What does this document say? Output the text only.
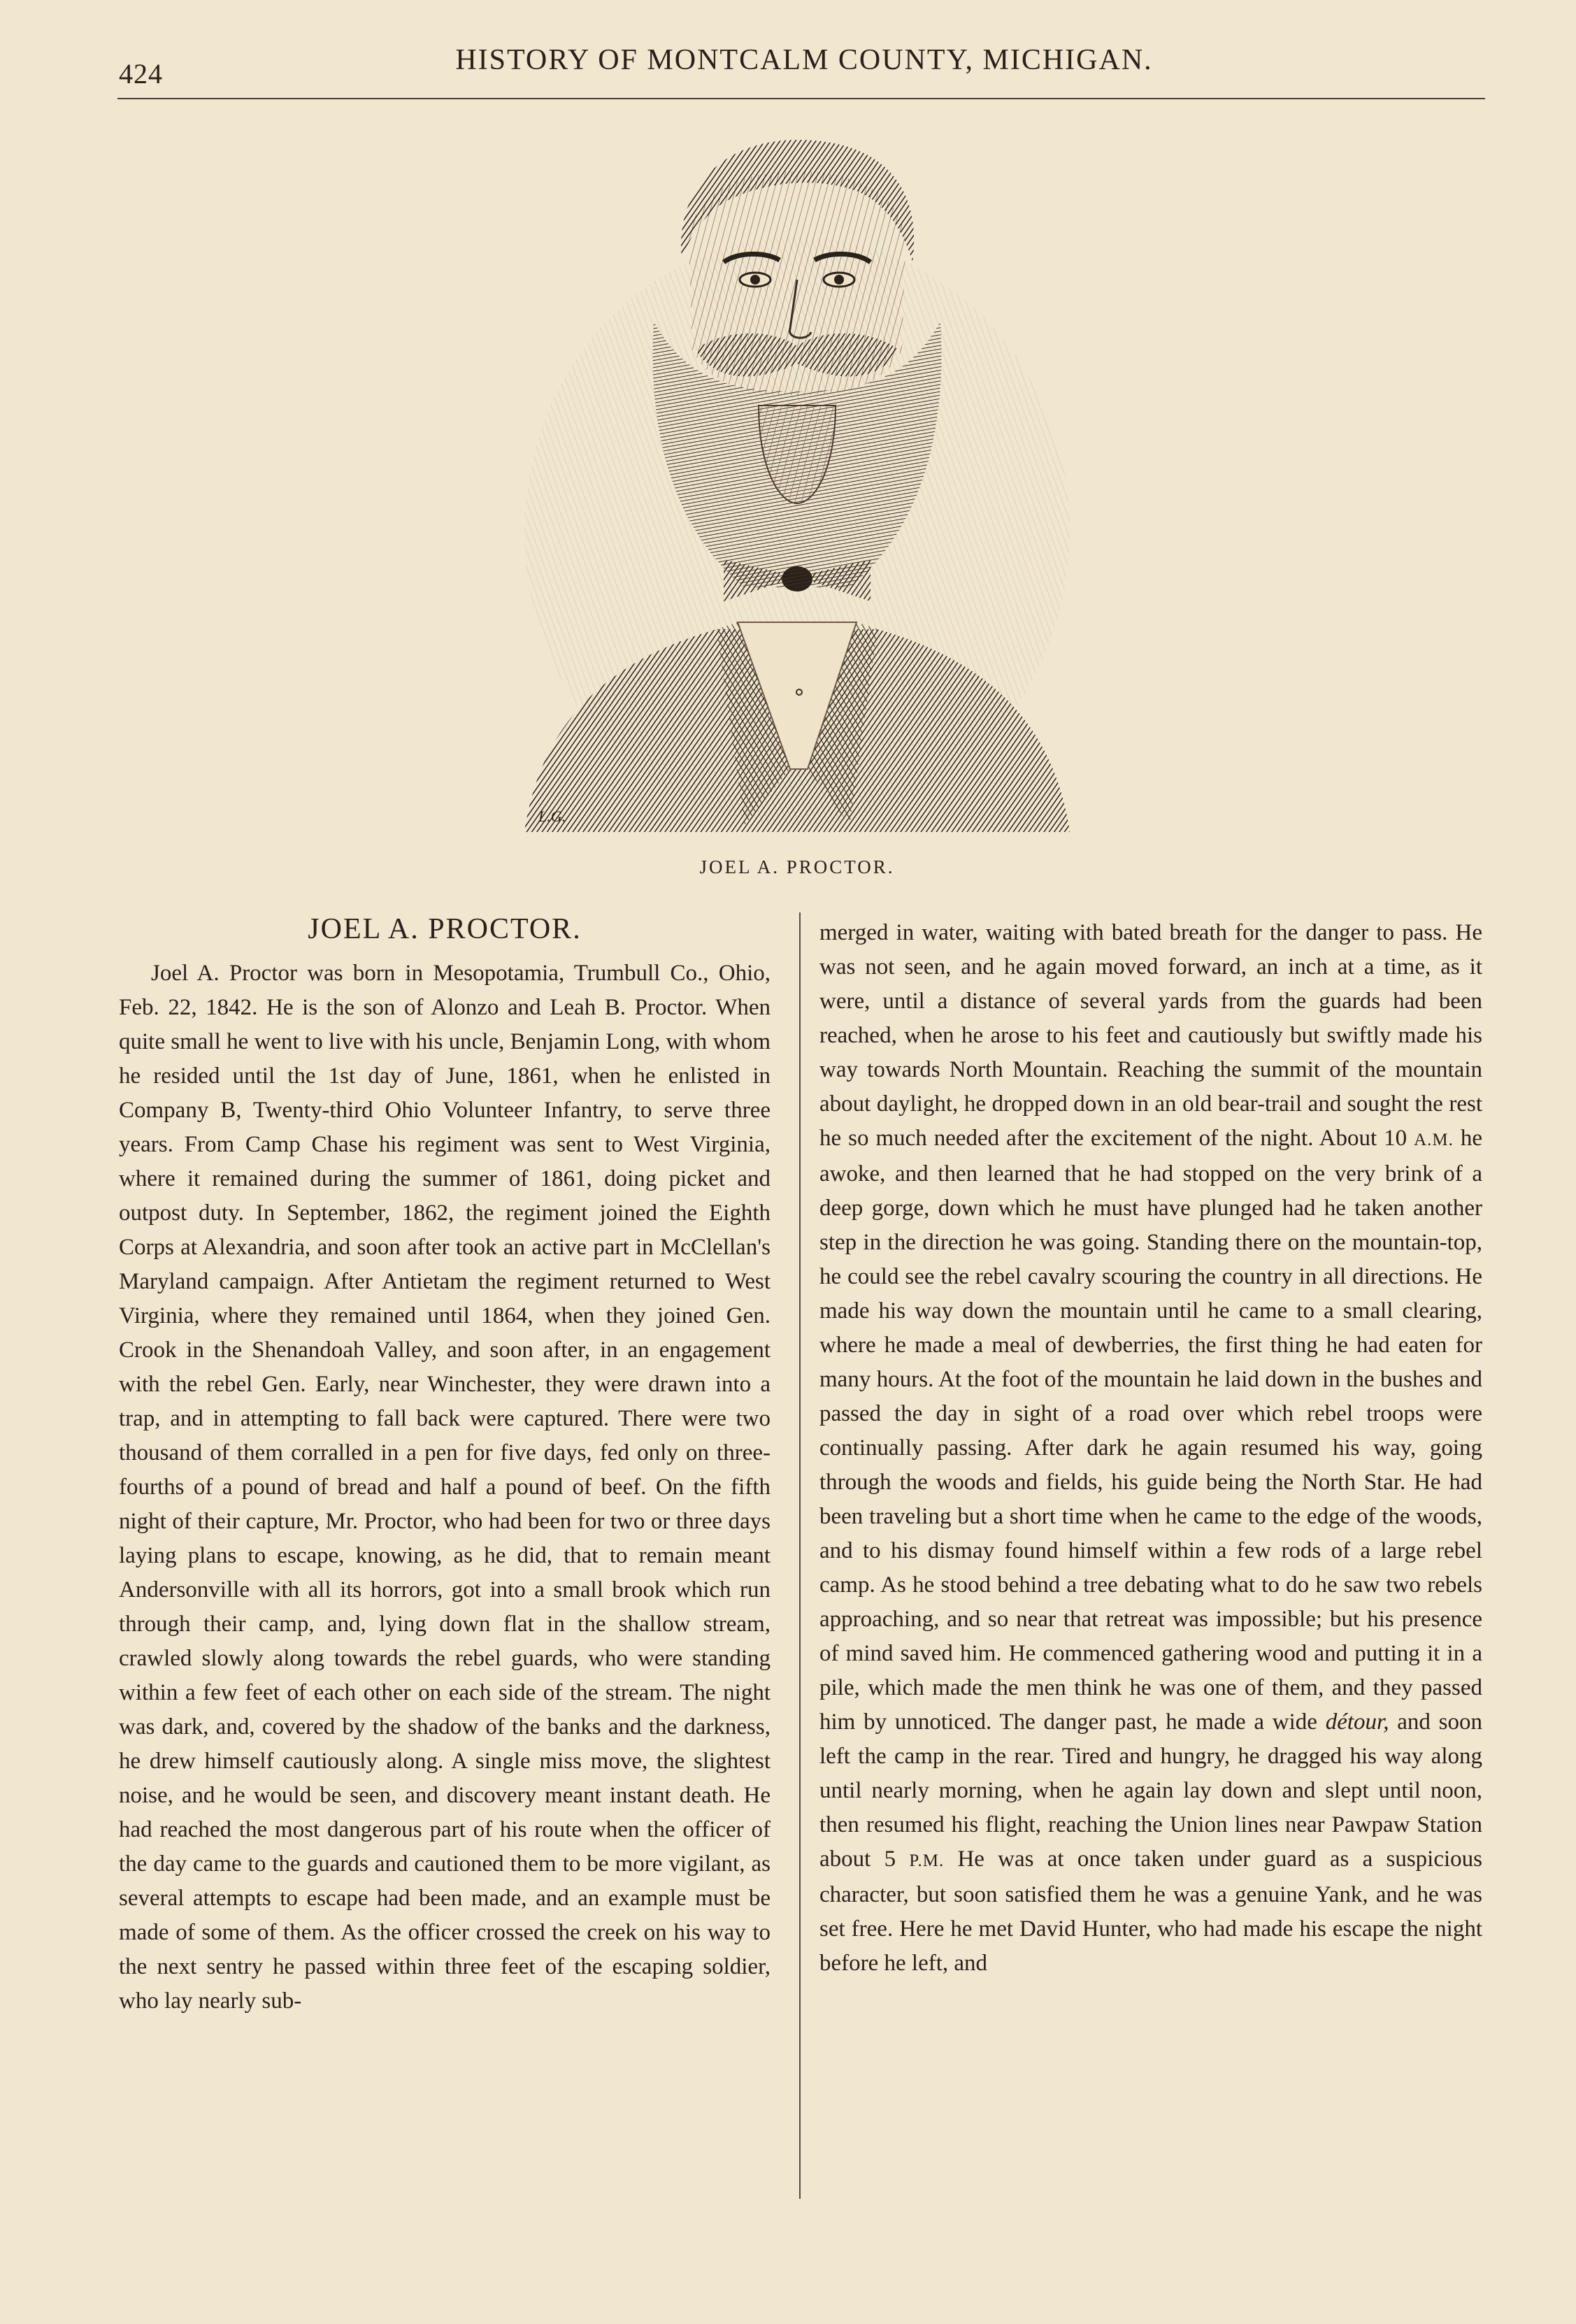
424	HISTORY OF MONTCALM COUNTY, MICHIGAN.
L.G.
JOEL A. PROCTOR.
JOEL A. PROCTOR.

Joel A. Proctor was born in Mesopotamia, Trumbull Co., Ohio, Feb. 22, 1842. He is the son of Alonzo and Leah B. Proctor. When quite small he went to live with his uncle, Benjamin Long, with whom he resided until the 1st day of June, 1861, when he enlisted in Company B, Twenty-third Ohio Volunteer Infantry, to serve three years. From Camp Chase his regiment was sent to West Virginia, where it remained during the summer of 1861, doing picket and outpost duty. In September, 1862, the regiment joined the Eighth Corps at Alexandria, and soon after took an active part in McClellan's Maryland campaign. After Antietam the regiment returned to West Virginia, where they remained until 1864, when they joined Gen. Crook in the Shenandoah Valley, and soon after, in an engagement with the rebel Gen. Early, near Winchester, they were drawn into a trap, and in attempting to fall back were captured. There were two thousand of them corralled in a pen for five days, fed only on three-fourths of a pound of bread and half a pound of beef. On the fifth night of their capture, Mr. Proctor, who had been for two or three days laying plans to escape, knowing, as he did, that to remain meant Andersonville with all its horrors, got into a small brook which run through their camp, and, lying down flat in the shallow stream, crawled slowly along towards the rebel guards, who were standing within a few feet of each other on each side of the stream. The night was dark, and, covered by the shadow of the banks and the darkness, he drew himself cautiously along. A single miss move, the slightest noise, and he would be seen, and discovery meant instant death. He had reached the most dangerous part of his route when the officer of the day came to the guards and cautioned them to be more vigilant, as several attempts to escape had been made, and an example must be made of some of them. As the officer crossed the creek on his way to the next sentry he passed within three feet of the escaping soldier, who lay nearly sub-

merged in water, waiting with bated breath for the danger to pass. He was not seen, and he again moved forward, an inch at a time, as it were, until a distance of several yards from the guards had been reached, when he arose to his feet and cautiously but swiftly made his way towards North Mountain. Reaching the summit of the mountain about daylight, he dropped down in an old bear-trail and sought the rest he so much needed after the excitement of the night. About 10 A.M. he awoke, and then learned that he had stopped on the very brink of a deep gorge, down which he must have plunged had he taken another step in the direction he was going. Standing there on the mountain-top, he could see the rebel cavalry scouring the country in all directions. He made his way down the mountain until he came to a small clearing, where he made a meal of dewberries, the first thing he had eaten for many hours. At the foot of the mountain he laid down in the bushes and passed the day in sight of a road over which rebel troops were continually passing. After dark he again resumed his way, going through the woods and fields, his guide being the North Star. He had been traveling but a short time when he came to the edge of the woods, and to his dismay found himself within a few rods of a large rebel camp. As he stood behind a tree debating what to do he saw two rebels approaching, and so near that retreat was impossible; but his presence of mind saved him. He commenced gathering wood and putting it in a pile, which made the men think he was one of them, and they passed him by unnoticed. The danger past, he made a wide détour, and soon left the camp in the rear. Tired and hungry, he dragged his way along until nearly morning, when he again lay down and slept until noon, then resumed his flight, reaching the Union lines near Pawpaw Station about 5 P.M. He was at once taken under guard as a suspicious character, but soon satisfied them he was a genuine Yank, and he was set free. Here he met David Hunter, who had made his escape the night before he left, and
